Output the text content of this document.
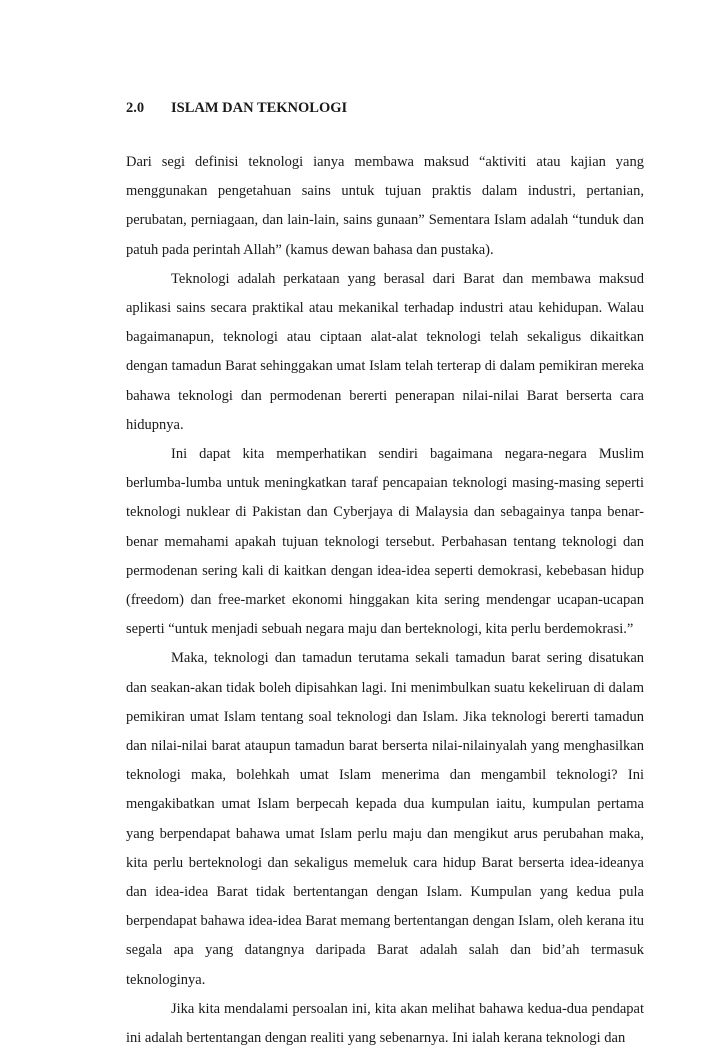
2.0 ISLAM DAN TEKNOLOGI

Dari segi definisi teknologi ianya membawa maksud “aktiviti atau kajian yang menggunakan pengetahuan sains untuk tujuan praktis dalam industri, pertanian, perubatan, perniagaan, dan lain-lain, sains gunaan” Sementara Islam adalah “tunduk dan patuh pada perintah Allah” (kamus dewan bahasa dan pustaka).

Teknologi adalah perkataan yang berasal dari Barat dan membawa maksud aplikasi sains secara praktikal atau mekanikal terhadap industri atau kehidupan. Walau bagaimanapun, teknologi atau ciptaan alat-alat teknologi telah sekaligus dikaitkan dengan tamadun Barat sehinggakan umat Islam telah terterap di dalam pemikiran mereka bahawa teknologi dan permodenan bererti penerapan nilai-nilai Barat berserta cara hidupnya.

Ini dapat kita memperhatikan sendiri bagaimana negara-negara Muslim berlumba-lumba untuk meningkatkan taraf pencapaian teknologi masing-masing seperti teknologi nuklear di Pakistan dan Cyberjaya di Malaysia dan sebagainya tanpa benar-benar memahami apakah tujuan teknologi tersebut. Perbahasan tentang teknologi dan permodenan sering kali di kaitkan dengan idea-idea seperti demokrasi, kebebasan hidup (freedom) dan free-market ekonomi hinggakan kita sering mendengar ucapan-ucapan seperti “untuk menjadi sebuah negara maju dan berteknologi, kita perlu berdemokrasi.”

Maka, teknologi dan tamadun terutama sekali tamadun barat sering disatukan dan seakan-akan tidak boleh dipisahkan lagi. Ini menimbulkan suatu kekeliruan di dalam pemikiran umat Islam tentang soal teknologi dan Islam. Jika teknologi bererti tamadun dan nilai-nilai barat ataupun tamadun barat berserta nilai-nilainyalah yang menghasilkan teknologi maka, bolehkah umat Islam menerima dan mengambil teknologi? Ini mengakibatkan umat Islam berpecah kepada dua kumpulan iaitu, kumpulan pertama yang berpendapat bahawa umat Islam perlu maju dan mengikut arus perubahan maka, kita perlu berteknologi dan sekaligus memeluk cara hidup Barat berserta idea-ideanya dan idea-idea Barat tidak bertentangan dengan Islam. Kumpulan yang kedua pula berpendapat bahawa idea-idea Barat memang bertentangan dengan Islam, oleh kerana itu segala apa yang datangnya daripada Barat adalah salah dan bid’ah termasuk teknologinya.

Jika kita mendalami persoalan ini, kita akan melihat bahawa kedua-dua pendapat ini adalah bertentangan dengan realiti yang sebenarnya. Ini ialah kerana teknologi dan
